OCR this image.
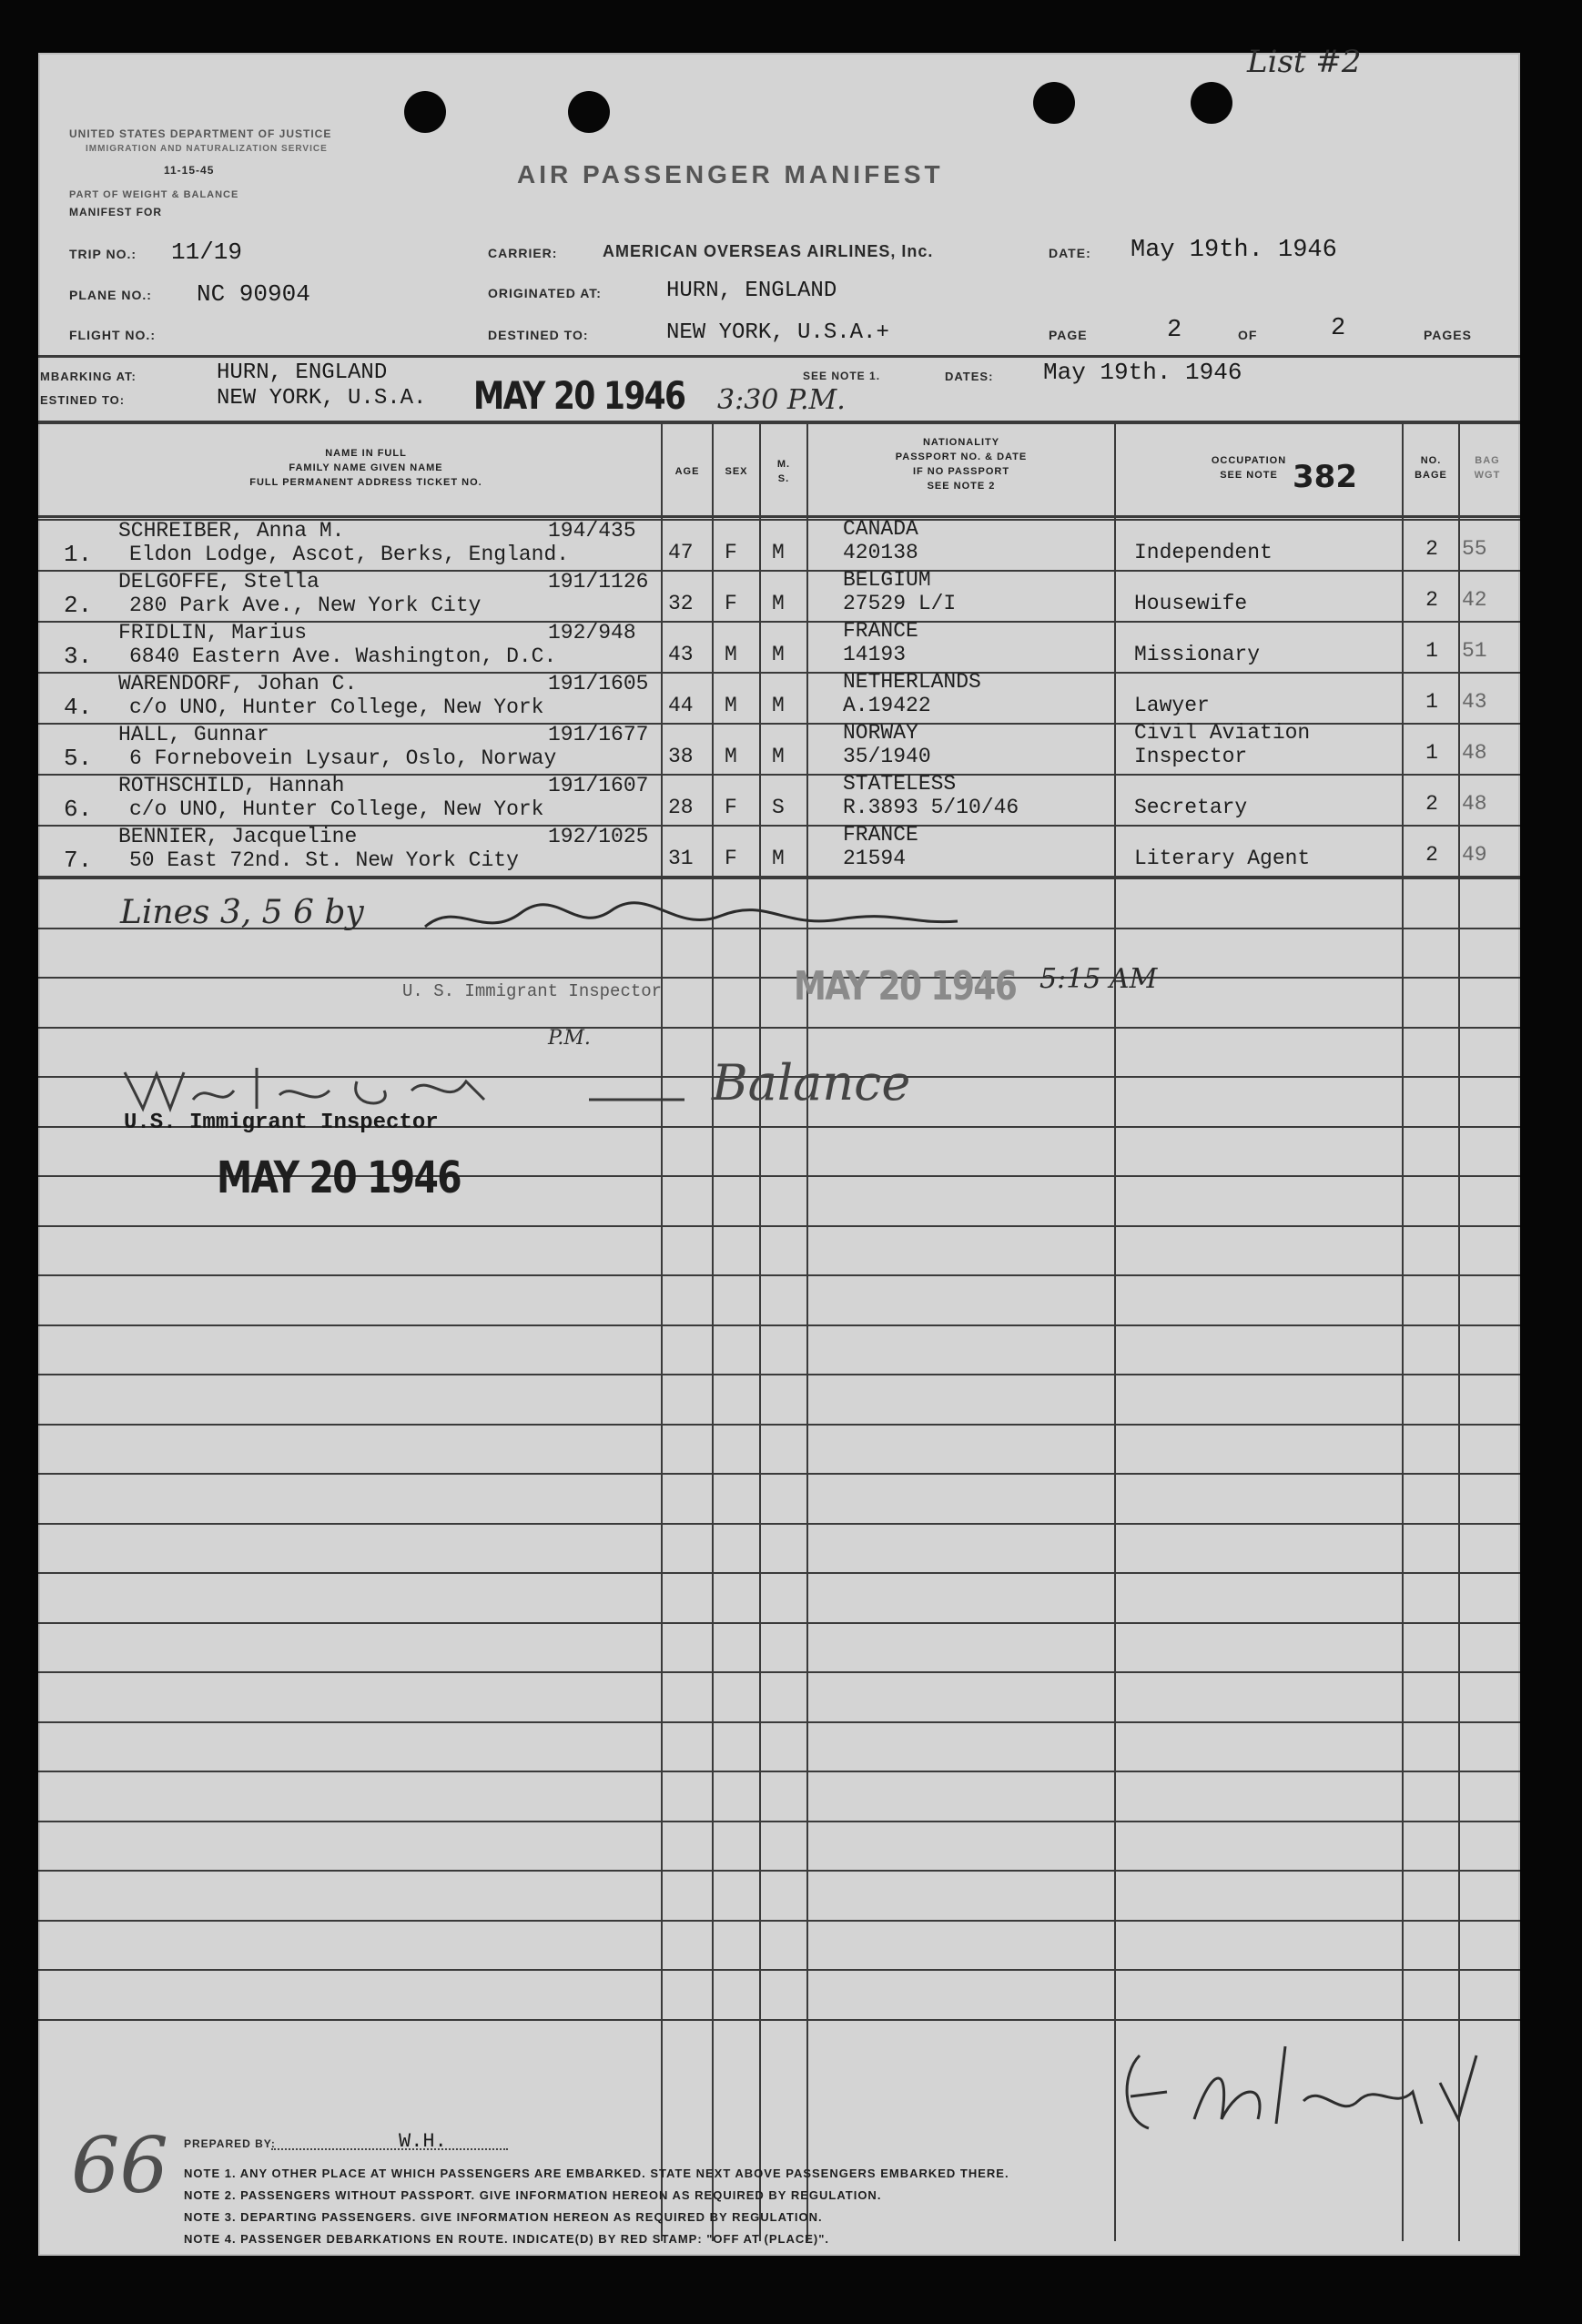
List #2
UNITED STATES DEPARTMENT OF JUSTICE
IMMIGRATION AND NATURALIZATION SERVICE
11-15-45
PART OF WEIGHT & BALANCE
MANIFEST FOR
AIR PASSENGER MANIFEST
TRIP NO.: 11/19
PLANE NO.: NC 90904
FLIGHT NO.:
CARRIER:	AMERICAN OVERSEAS AIRLINES, Inc.
ORIGINATED AT:	HURN, ENGLAND
DESTINED TO:	NEW YORK, U.S.A.+
DATE: May 19th. 1946
PAGE	2	OF	2	PAGES
MBARKING AT:	HURN, ENGLAND
ESTINED TO:	NEW YORK, U.S.A. MAY 20 1946 3:30 P.M.
SEE NOTE 1.	DATES: May 19th. 1946
NAME IN FULL
FAMILY NAME GIVEN NAME
FULL PERMANENT ADDRESS TICKET NO.
AGE	SEX
M.
S.
NATIONALITY
PASSPORT NO. & DATE
IF NO PASSPORT
SEE NOTE 2
OCCUPATION
SEE NOTE 382	NO.
BAGE
BAG
WGT
1.
SCHREIBER, Anna M.	194/435
Eldon Lodge, Ascot, Berks, England.	47 F M
CANADA
420138	Independent	2	55
2.
DELGOFFE, Stella	191/1126
280 Park Ave., New York City	32 F M
BELGIUM
27529 L/I	Housewife	2	42
3.
FRIDLIN, Marius	192/948
6840 Eastern Ave. Washington, D.C.	43 M M
FRANCE
14193	Missionary	1	51
4.
WARENDORF, Johan C.	191/1605
c/o UNO, Hunter College, New York	44 M M
NETHERLANDS
A.19422	Lawyer	1	43
5.
HALL, Gunnar	191/1677
6 Fornebovein Lysaur, Oslo, Norway	38 M M
NORWAY
35/1940
Civil Aviation
Inspector	1	48
6.
ROTHSCHILD, Hannah	191/1607
c/o UNO, Hunter College, New York	28 F S
STATELESS
R.3893 5/10/46	Secretary	2	48
7.
BENNIER, Jacqueline	192/1025
50 East 72nd. St. New York City	31 F M
FRANCE
21594	Literary Agent	2	49
Lines 3, 5 6 by
U. S. Immigrant Inspector	MAY 20 1946 5:15 AM
P.M.
Balance
U.S. Immigrant Inspector
MAY 20 1946
66 PREPARED BY:	W.H.
NOTE 1. ANY OTHER PLACE AT WHICH PASSENGERS ARE EMBARKED. STATE NEXT ABOVE PASSENGERS EMBARKED THERE.
NOTE 2. PASSENGERS WITHOUT PASSPORT. GIVE INFORMATION HEREON AS REQUIRED BY REGULATION.
NOTE 3. DEPARTING PASSENGERS. GIVE INFORMATION HEREON AS REQUIRED BY REGULATION.
NOTE 4. PASSENGER DEBARKATIONS EN ROUTE. INDICATE(D) BY RED STAMP: "OFF AT (PLACE)".
